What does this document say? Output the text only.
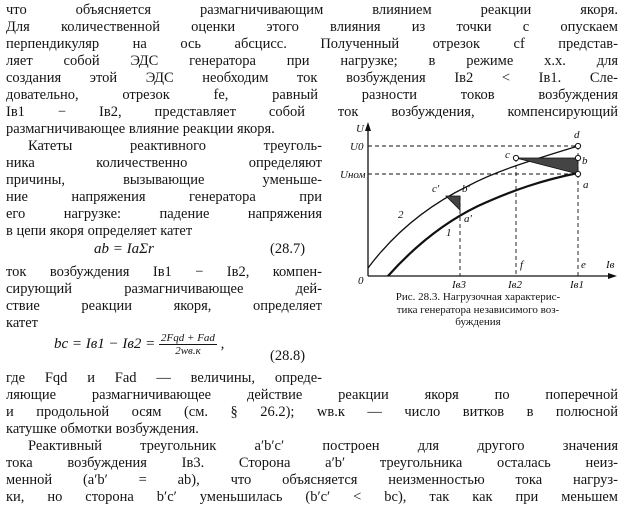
что объясняется размагничивающим влиянием реакции якоря.
Для количественной оценки этого влияния из точки c опускаем
перпендикуляр на ось абсцисс. Полученный отрезок cf представ-
ляет собой ЭДС генератора при нагрузке; в режиме х.х. для
создания этой ЭДС необходим ток возбуждения Iв2 < Iв1. Сле-
довательно, отрезок fe, равный разности токов возбуждения
Iв1 − Iв2, представляет собой ток возбуждения, компенсирующий
размагничивающее влияние реакции якоря.
Катеты реактивного треуголь-
ника количественно определяют
причины, вызывающие уменьше-
ние напряжения генератора при
его нагрузке: падение напряжения
в цепи якоря определяет катет
ab = IaΣr	(28.7)
ток возбуждения Iв1 − Iв2, компен-
сирующий размагничивающее дей-
ствие реакции якоря, определяет
катет
bc = $Iв1 - Iв2 = \frac{\text{2Fqd + Fad}}{2wв.к}$ ,
(28.8)
где Fqd и Fad — величины, опреде-
ляющие размагничивающее действие реакции якоря по поперечной
и продольной осям (см. § 26.2); wв.к — число витков в полюсной
катушке обмотки возбуждения.
Реактивный треугольник a′b′c′ построен для другого значения
тока возбуждения Iв3. Сторона a′b′ треугольника осталась неиз-
менной (a′b′ = ab), что объясняется неизменностью тока нагруз-
ки, но сторона b′c′ уменьшилась (b′c′ < bc), так как при меньшем
U
Iв
0
U0
Uном
Iв3	Iв2	Iв1
a
b
c
d
e
f
a′
b′
c′
1
2
Рис. 28.3. Нагрузочная характерис-
тика генератора независимого воз-
буждения
